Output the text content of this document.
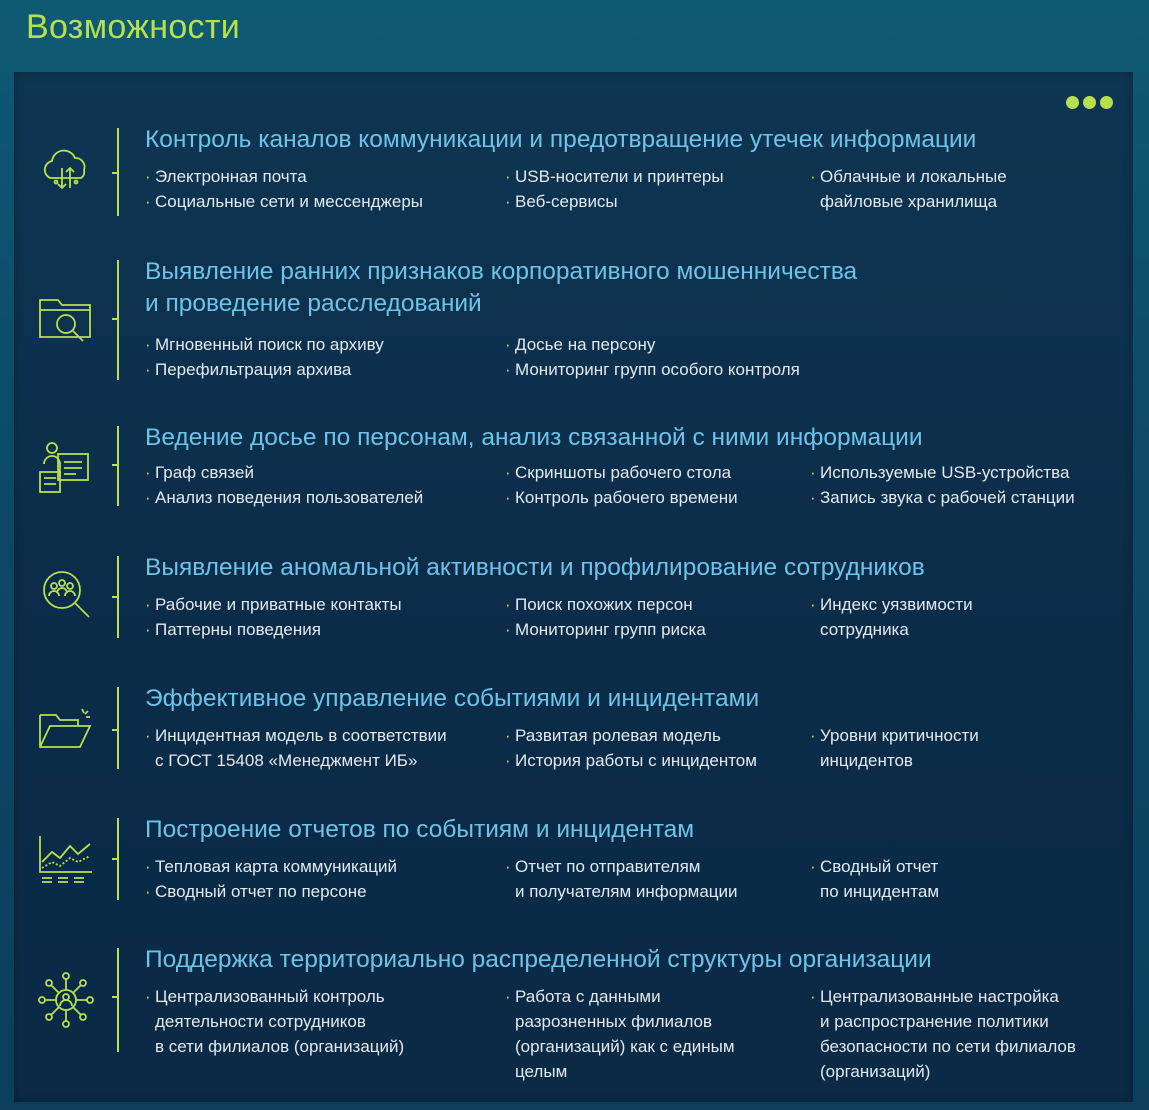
Возможности
Контроль каналов коммуникации и предотвращение утечек информации
· Электронная почта
· Социальные сети и мессенджеры
· USB-носители и принтеры
· Веб-сервисы
· Облачные и локальные
файловые хранилища
Выявление ранних признаков корпоративного мошенничества
и проведение расследований
· Мгновенный поиск по архиву
· Перефильтрация архива
· Досье на персону
· Мониторинг групп особого контроля
Ведение досье по персонам, анализ связанной с ними информации
· Граф связей
· Анализ поведения пользователей
· Скриншоты рабочего стола
· Контроль рабочего времени
· Используемые USB-устройства
· Запись звука с рабочей станции
Выявление аномальной активности и профилирование сотрудников
· Рабочие и приватные контакты
· Паттерны поведения
· Поиск похожих персон
· Мониторинг групп риска
· Индекс уязвимости
сотрудника
Эффективное управление событиями и инцидентами
· Инцидентная модель в соответствии
с ГОСТ 15408 «Менеджмент ИБ»
· Развитая ролевая модель
· История работы с инцидентом
· Уровни критичности
инцидентов
Построение отчетов по событиям и инцидентам
· Тепловая карта коммуникаций
· Сводный отчет по персоне
· Отчет по отправителям
и получателям информации
· Сводный отчет
по инцидентам
Поддержка территориально распределенной структуры организации
· Централизованный контроль
деятельности сотрудников
в сети филиалов (организаций)
· Работа с данными
разрозненных филиалов
(организаций) как с единым
целым
· Централизованные настройка
и распространение политики
безопасности по сети филиалов
(организаций)
